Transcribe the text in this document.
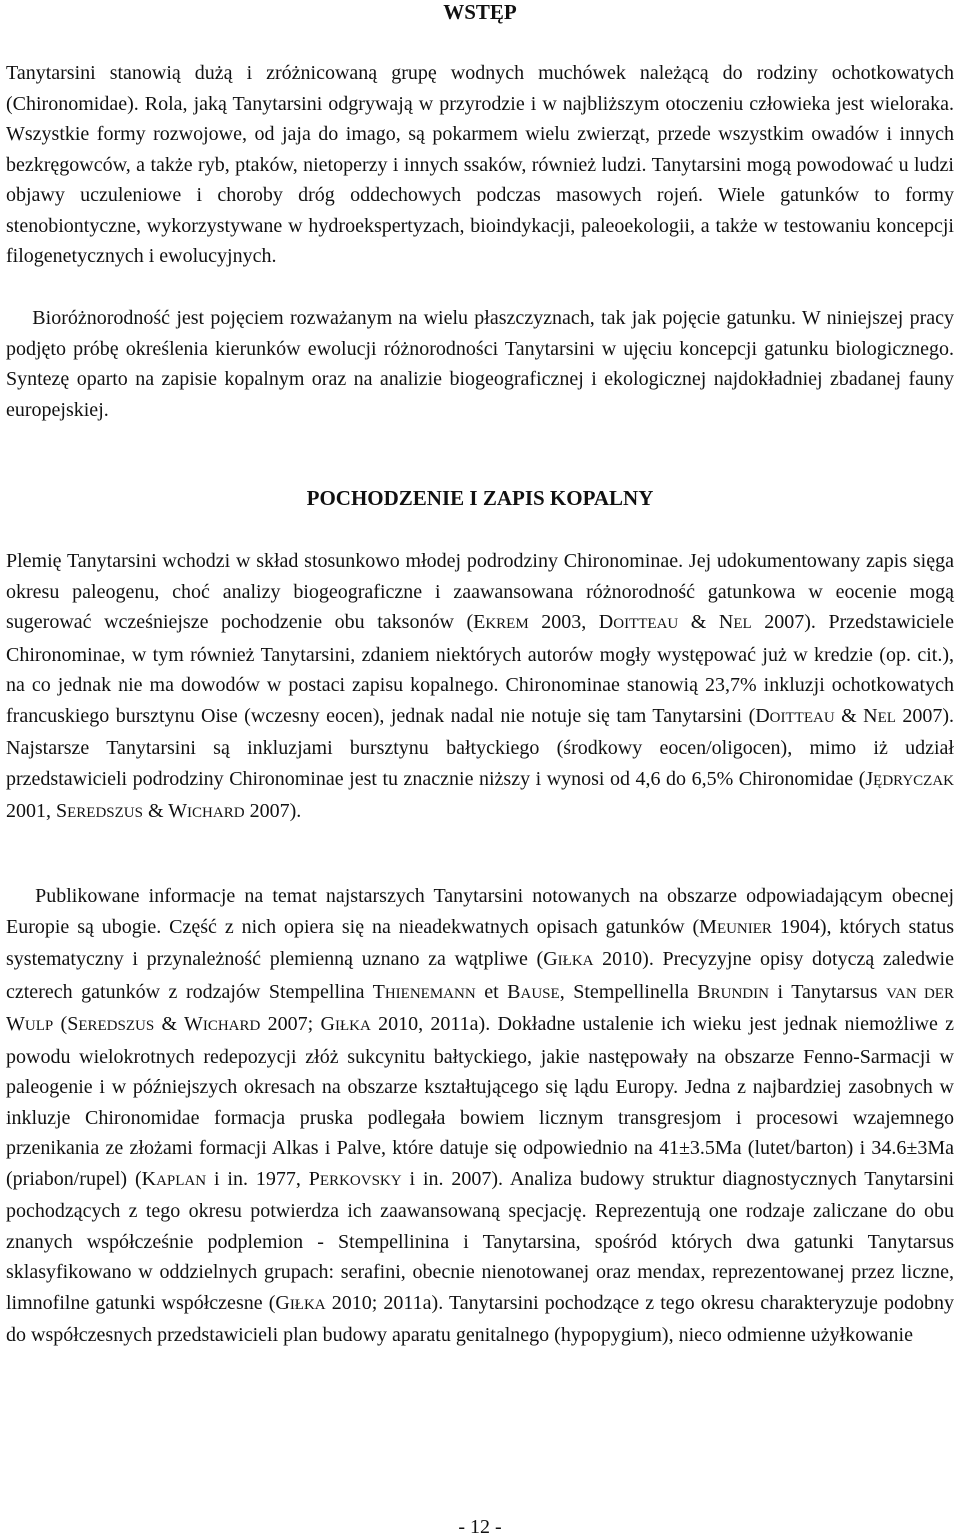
WSTĘP

Tanytarsini stanowią dużą i zróżnicowaną grupę wodnych muchówek należącą do rodziny ochotkowatych (Chironomidae). Rola, jaką Tanytarsini odgrywają w przyrodzie i w najbliższym otoczeniu człowieka jest wieloraka. Wszystkie formy rozwojowe, od jaja do imago, są pokarmem wielu zwierząt, przede wszystkim owadów i innych bezkręgowców, a także ryb, ptaków, nietoperzy i innych ssaków, również ludzi. Tanytarsini mogą powodować u ludzi objawy uczuleniowe i choroby dróg oddechowych podczas masowych rojeń. Wiele gatunków to formy stenobiontyczne, wykorzystywane w hydroekspertyzach, bioindykacji, paleoekologii, a także w testowaniu koncepcji filogenetycznych i ewolucyjnych.

  Bioróżnorodność jest pojęciem rozważanym na wielu płaszczyznach, tak jak pojęcie gatunku. W niniejszej pracy podjęto próbę określenia kierunków ewolucji różnorodności Tanytarsini w ujęciu koncepcji gatunku biologicznego. Syntezę oparto na zapisie kopalnym oraz na analizie biogeograficznej i ekologicznej najdokładniej zbadanej fauny europejskiej.

POCHODZENIE I ZAPIS KOPALNY

Plemię Tanytarsini wchodzi w skład stosunkowo młodej podrodziny Chironominae. Jej udokumentowany zapis sięga okresu paleogenu, choć analizy biogeograficzne i zaawansowana różnorodność gatunkowa w eocenie mogą sugerować wcześniejsze pochodzenie obu taksonów (EKREM 2003, DOITTEAU & NEL 2007). Przedstawiciele Chironominae, w tym również Tanytarsini, zdaniem niektórych autorów mogły występować już w kredzie (op. cit.), na co jednak nie ma dowodów w postaci zapisu kopalnego. Chironominae stanowią 23,7% inkluzji ochotkowatych francuskiego bursztynu Oise (wczesny eocen), jednak nadal nie notuje się tam Tanytarsini (DOITTEAU & NEL 2007). Najstarsze Tanytarsini są inkluzjami bursztynu bałtyckiego (środkowy eocen/oligocen), mimo iż udział przedstawicieli podrodziny Chironominae jest tu znacznie niższy i wynosi od 4,6 do 6,5% Chironomidae (JĘDRYCZAK 2001, SEREDSZUS & WICHARD 2007).

  Publikowane informacje na temat najstarszych Tanytarsini notowanych na obszarze odpowiadającym obecnej Europie są ubogie. Część z nich opiera się na nieadekwatnych opisach gatunków (MEUNIER 1904), których status systematyczny i przynależność plemienną uznano za wątpliwe (GIŁKA 2010). Precyzyjne opisy dotyczą zaledwie czterech gatunków z rodzajów Stempellina THIENEMANN et BAUSE, Stempellinella BRUNDIN i Tanytarsus VAN DER WULP (SEREDSZUS & WICHARD 2007; GIŁKA 2010, 2011a). Dokładne ustalenie ich wieku jest jednak niemożliwe z powodu wielokrotnych redepozycji złóż sukcynitu bałtyckiego, jakie następowały na obszarze Fenno-Sarmacji w paleogenie i w późniejszych okresach na obszarze kształtującego się lądu Europy. Jedna z najbardziej zasobnych w inkluzje Chironomidae formacja pruska podlegała bowiem licznym transgresjom i procesowi wzajemnego przenikania ze złożami formacji Alkas i Palve, które datuje się odpowiednio na 41±3.5Ma (lutet/barton) i 34.6±3Ma (priabon/rupel) (KAPLAN i in. 1977, PERKOVSKY i in. 2007). Analiza budowy struktur diagnostycznych Tanytarsini pochodzących z tego okresu potwierdza ich zaawansowaną specjację. Reprezentują one rodzaje zaliczane do obu znanych współcześnie podplemion - Stempellinina i Tanytarsina, spośród których dwa gatunki Tanytarsus sklasyfikowano w oddzielnych grupach: serafini, obecnie nienotowanej oraz mendax, reprezentowanej przez liczne, limnofilne gatunki współczesne (GIŁKA 2010; 2011a). Tanytarsini pochodzące z tego okresu charakteryzuje podobny do współczesnych przedstawicieli plan budowy aparatu genitalnego (hypopygium), nieco odmienne użyłkowanie

- 12 -
